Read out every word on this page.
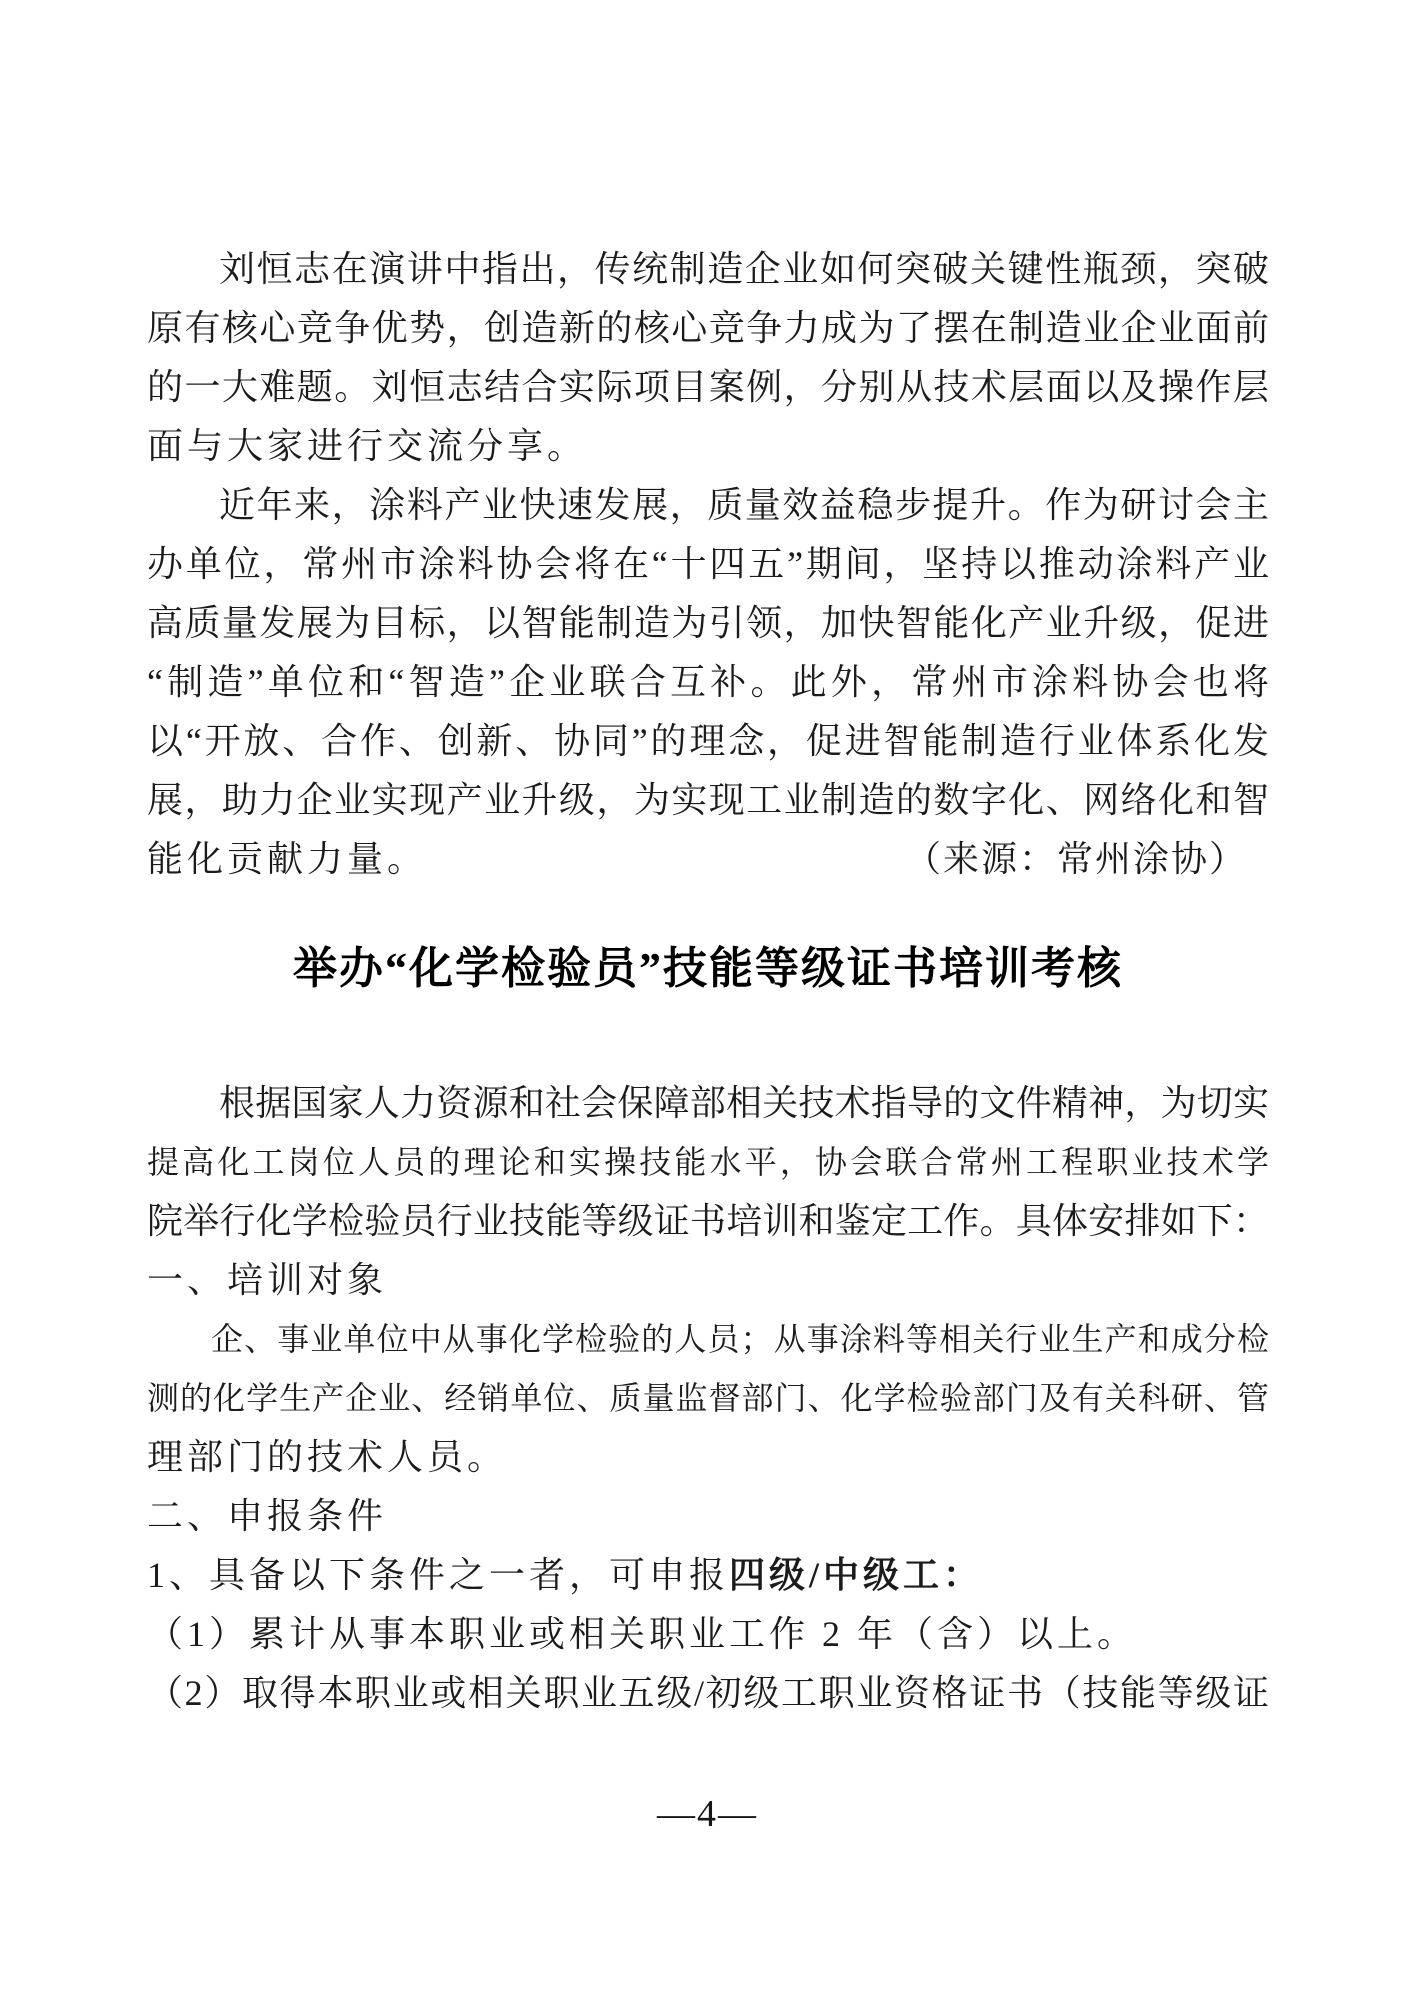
刘恒志在演讲中指出，传统制造企业如何突破关键性瓶颈，突破
原有核心竞争优势，创造新的核心竞争力成为了摆在制造业企业面前
的一大难题。刘恒志结合实际项目案例，分别从技术层面以及操作层
面与大家进行交流分享。
近年来，涂料产业快速发展，质量效益稳步提升。作为研讨会主
办单位，常州市涂料协会将在“十四五”期间，坚持以推动涂料产业
高质量发展为目标，以智能制造为引领，加快智能化产业升级，促进
“制造”单位和“智造”企业联合互补。此外，常州市涂料协会也将
以“开放、合作、创新、协同”的理念，促进智能制造行业体系化发
展，助力企业实现产业升级，为实现工业制造的数字化、网络化和智
能化贡献力量。	（来源：常州涂协）
举办“化学检验员”技能等级证书培训考核
根据国家人力资源和社会保障部相关技术指导的文件精神，为切实
提高化工岗位人员的理论和实操技能水平，协会联合常州工程职业技术学
院举行化学检验员行业技能等级证书培训和鉴定工作。具体安排如下：
一、培训对象
企、事业单位中从事化学检验的人员；从事涂料等相关行业生产和成分检
测的化学生产企业、经销单位、质量监督部门、化学检验部门及有关科研、管
理部门的技术人员。
二、申报条件
1、具备以下条件之一者，可申报四级/中级工：
（1）累计从事本职业或相关职业工作 2 年（含）以上。
（2）取得本职业或相关职业五级/初级工职业资格证书（技能等级证
—4—
